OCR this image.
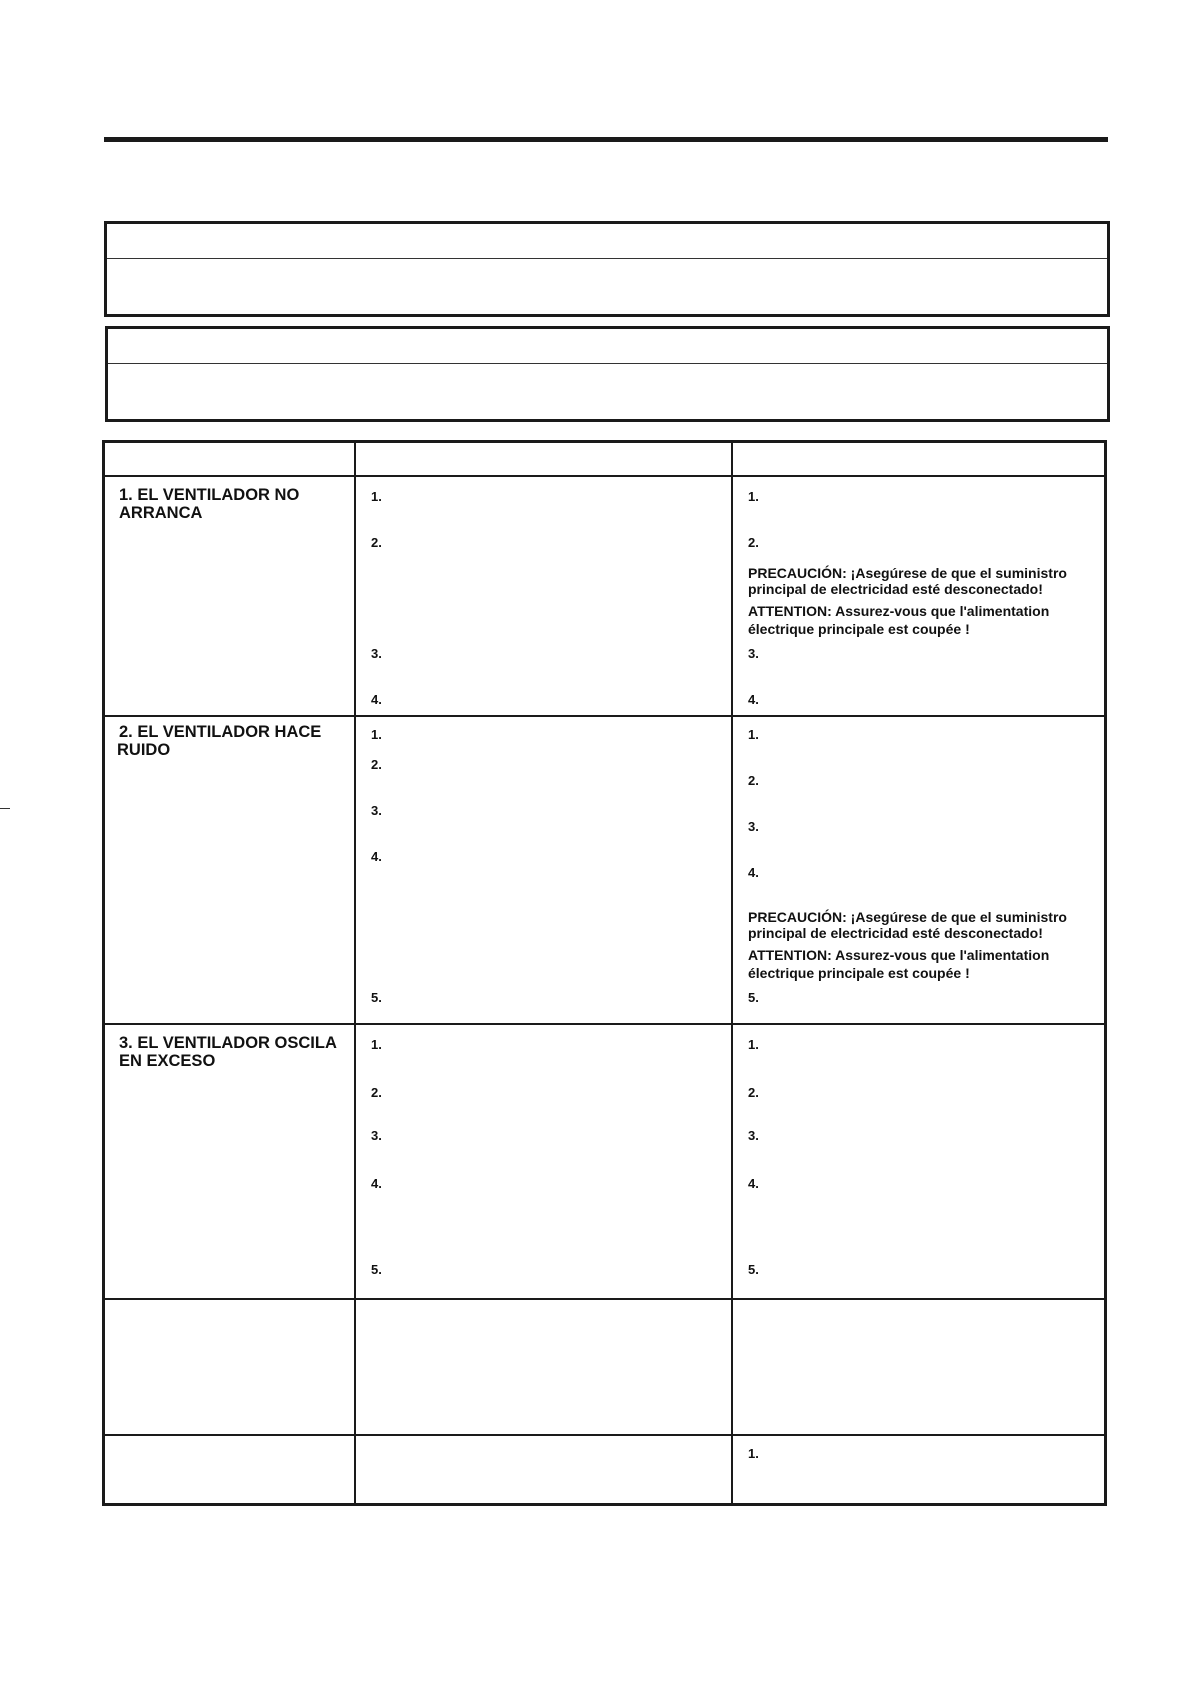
1. EL VENTILADOR NO
ARRANCA
1.
2.
3.
4.
1.
2.
PRECAUCIÓN: ¡Asegúrese de que el suministro
principal de electricidad esté desconectado!
ATTENTION: Assurez-vous que l'alimentation
électrique principale est coupée !
3.
4.
2. EL VENTILADOR HACE
RUIDO
1.
2.
3.
4.
5.
1.
2.
3.
4.
PRECAUCIÓN: ¡Asegúrese de que el suministro
principal de electricidad esté desconectado!
ATTENTION: Assurez-vous que l'alimentation
électrique principale est coupée !
5.
3. EL VENTILADOR OSCILA
EN EXCESO
1.
2.
3.
4.
5.
1.
2.
3.
4.
5.
1.
